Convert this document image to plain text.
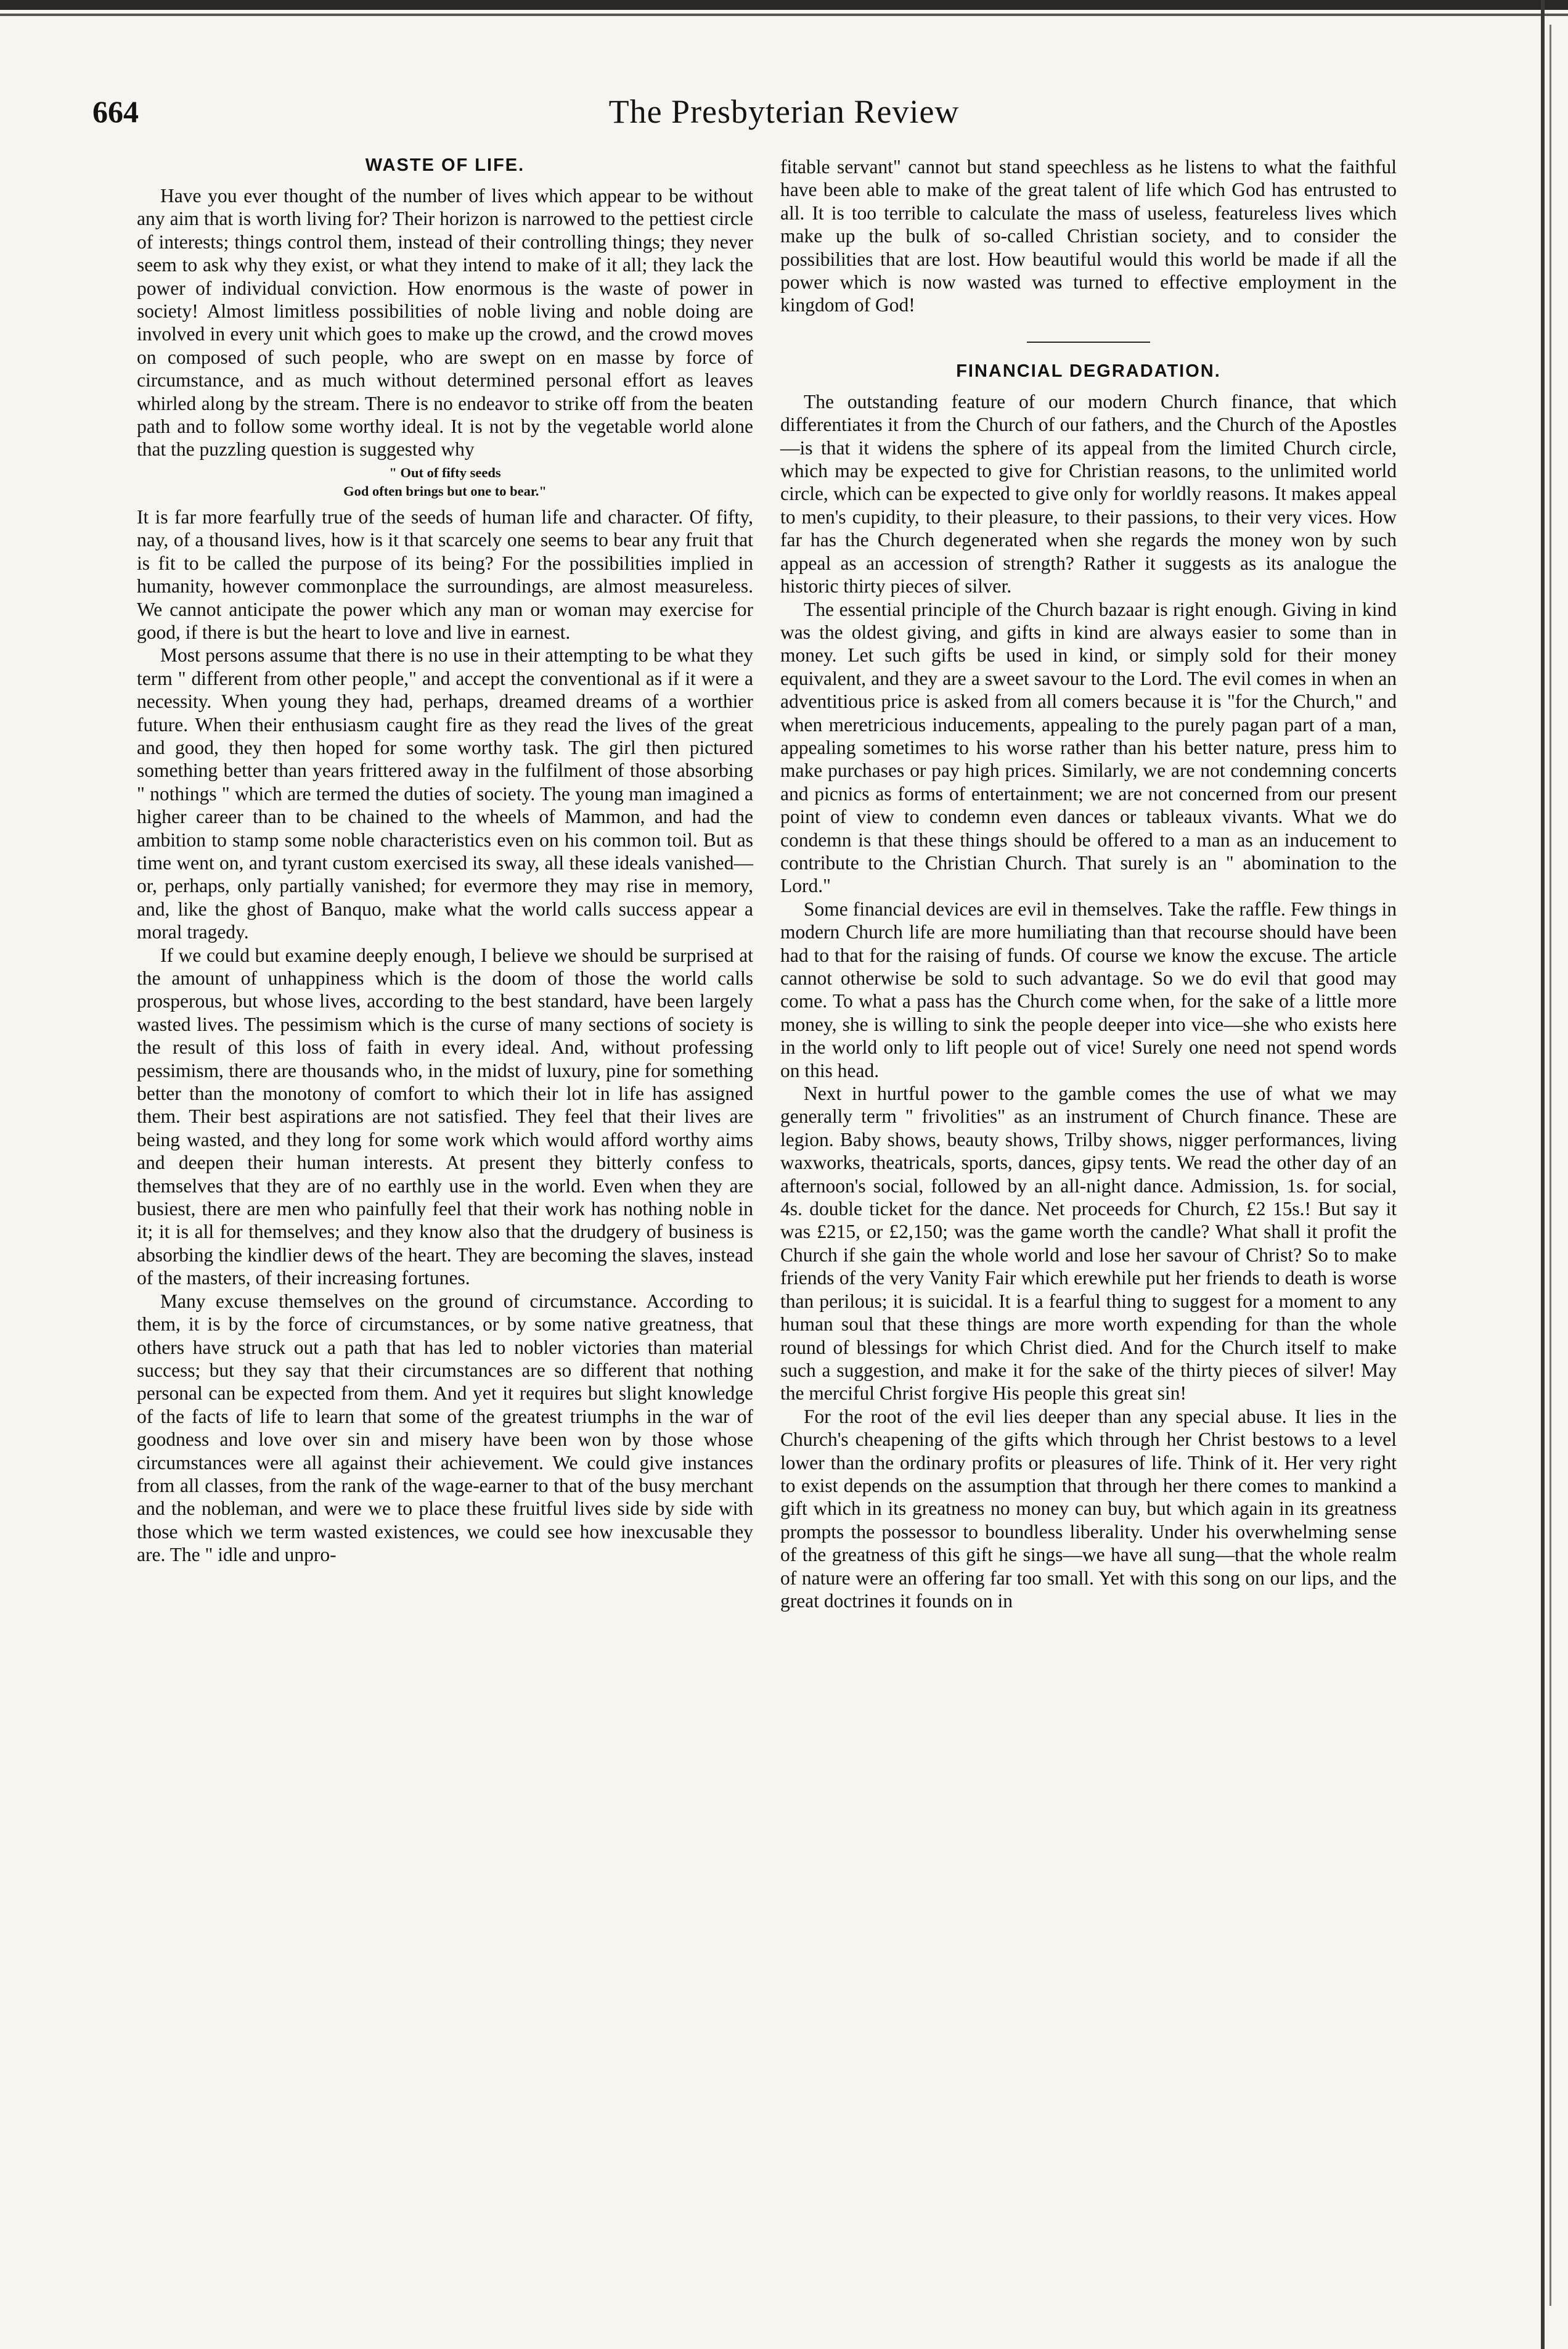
664	The Presbyterian Review
WASTE OF LIFE.

Have you ever thought of the number of lives which appear to be without any aim that is worth living for? Their horizon is narrowed to the pettiest circle of interests; things control them, instead of their controlling things; they never seem to ask why they exist, or what they intend to make of it all; they lack the power of individual conviction. How enormous is the waste of power in society! Almost limitless possibilities of noble living and noble doing are involved in every unit which goes to make up the crowd, and the crowd moves on composed of such people, who are swept on en masse by force of circumstance, and as much without determined personal effort as leaves whirled along by the stream. There is no endeavor to strike off from the beaten path and to follow some worthy ideal. It is not by the vegetable world alone that the puzzling question is suggested why

" Out of fifty seeds
God often brings but one to bear."

It is far more fearfully true of the seeds of human life and character. Of fifty, nay, of a thousand lives, how is it that scarcely one seems to bear any fruit that is fit to be called the purpose of its being? For the possibilities implied in humanity, however commonplace the surroundings, are almost measureless. We cannot anticipate the power which any man or woman may exercise for good, if there is but the heart to love and live in earnest.

Most persons assume that there is no use in their attempting to be what they term " different from other people," and accept the conventional as if it were a necessity. When young they had, perhaps, dreamed dreams of a worthier future. When their enthusiasm caught fire as they read the lives of the great and good, they then hoped for some worthy task. The girl then pictured something better than years frittered away in the fulfilment of those absorbing " nothings " which are termed the duties of society. The young man imagined a higher career than to be chained to the wheels of Mammon, and had the ambition to stamp some noble characteristics even on his common toil. But as time went on, and tyrant custom exercised its sway, all these ideals vanished—or, perhaps, only partially vanished; for evermore they may rise in memory, and, like the ghost of Banquo, make what the world calls success appear a moral tragedy.

If we could but examine deeply enough, I believe we should be surprised at the amount of unhappiness which is the doom of those the world calls prosperous, but whose lives, according to the best standard, have been largely wasted lives. The pessimism which is the curse of many sections of society is the result of this loss of faith in every ideal. And, without professing pessimism, there are thousands who, in the midst of luxury, pine for something better than the monotony of comfort to which their lot in life has assigned them. Their best aspirations are not satisfied. They feel that their lives are being wasted, and they long for some work which would afford worthy aims and deepen their human interests. At present they bitterly confess to themselves that they are of no earthly use in the world. Even when they are busiest, there are men who painfully feel that their work has nothing noble in it; it is all for themselves; and they know also that the drudgery of business is absorbing the kindlier dews of the heart. They are becoming the slaves, instead of the masters, of their increasing fortunes.

Many excuse themselves on the ground of circumstance. According to them, it is by the force of circumstances, or by some native greatness, that others have struck out a path that has led to nobler victories than material success; but they say that their circumstances are so different that nothing personal can be expected from them. And yet it requires but slight knowledge of the facts of life to learn that some of the greatest triumphs in the war of goodness and love over sin and misery have been won by those whose circumstances were all against their achievement. We could give instances from all classes, from the rank of the wage-earner to that of the busy merchant and the nobleman, and were we to place these fruitful lives side by side with those which we term wasted existences, we could see how inexcusable they are. The " idle and unpro-

fitable servant" cannot but stand speechless as he listens to what the faithful have been able to make of the great talent of life which God has entrusted to all. It is too terrible to calculate the mass of useless, featureless lives which make up the bulk of so-called Christian society, and to consider the possibilities that are lost. How beautiful would this world be made if all the power which is now wasted was turned to effective employment in the kingdom of God!

FINANCIAL DEGRADATION.

The outstanding feature of our modern Church finance, that which differentiates it from the Church of our fathers, and the Church of the Apostles—is that it widens the sphere of its appeal from the limited Church circle, which may be expected to give for Christian reasons, to the unlimited world circle, which can be expected to give only for worldly reasons. It makes appeal to men's cupidity, to their pleasure, to their passions, to their very vices. How far has the Church degenerated when she regards the money won by such appeal as an accession of strength? Rather it suggests as its analogue the historic thirty pieces of silver.

The essential principle of the Church bazaar is right enough. Giving in kind was the oldest giving, and gifts in kind are always easier to some than in money. Let such gifts be used in kind, or simply sold for their money equivalent, and they are a sweet savour to the Lord. The evil comes in when an adventitious price is asked from all comers because it is "for the Church," and when meretricious inducements, appealing to the purely pagan part of a man, appealing sometimes to his worse rather than his better nature, press him to make purchases or pay high prices. Similarly, we are not condemning concerts and picnics as forms of entertainment; we are not concerned from our present point of view to condemn even dances or tableaux vivants. What we do condemn is that these things should be offered to a man as an inducement to contribute to the Christian Church. That surely is an " abomination to the Lord."

Some financial devices are evil in themselves. Take the raffle. Few things in modern Church life are more humiliating than that recourse should have been had to that for the raising of funds. Of course we know the excuse. The article cannot otherwise be sold to such advantage. So we do evil that good may come. To what a pass has the Church come when, for the sake of a little more money, she is willing to sink the people deeper into vice—she who exists here in the world only to lift people out of vice! Surely one need not spend words on this head.

Next in hurtful power to the gamble comes the use of what we may generally term " frivolities" as an instrument of Church finance. These are legion. Baby shows, beauty shows, Trilby shows, nigger performances, living waxworks, theatricals, sports, dances, gipsy tents. We read the other day of an afternoon's social, followed by an all-night dance. Admission, 1s. for social, 4s. double ticket for the dance. Net proceeds for Church, £2 15s.! But say it was £215, or £2,150; was the game worth the candle? What shall it profit the Church if she gain the whole world and lose her savour of Christ? So to make friends of the very Vanity Fair which erewhile put her friends to death is worse than perilous; it is suicidal. It is a fearful thing to suggest for a moment to any human soul that these things are more worth expending for than the whole round of blessings for which Christ died. And for the Church itself to make such a suggestion, and make it for the sake of the thirty pieces of silver! May the merciful Christ forgive His people this great sin!

For the root of the evil lies deeper than any special abuse. It lies in the Church's cheapening of the gifts which through her Christ bestows to a level lower than the ordinary profits or pleasures of life. Think of it. Her very right to exist depends on the assumption that through her there comes to mankind a gift which in its greatness no money can buy, but which again in its greatness prompts the possessor to boundless liberality. Under his overwhelming sense of the greatness of this gift he sings—we have all sung—that the whole realm of nature were an offering far too small. Yet with this song on our lips, and the great doctrines it founds on in
